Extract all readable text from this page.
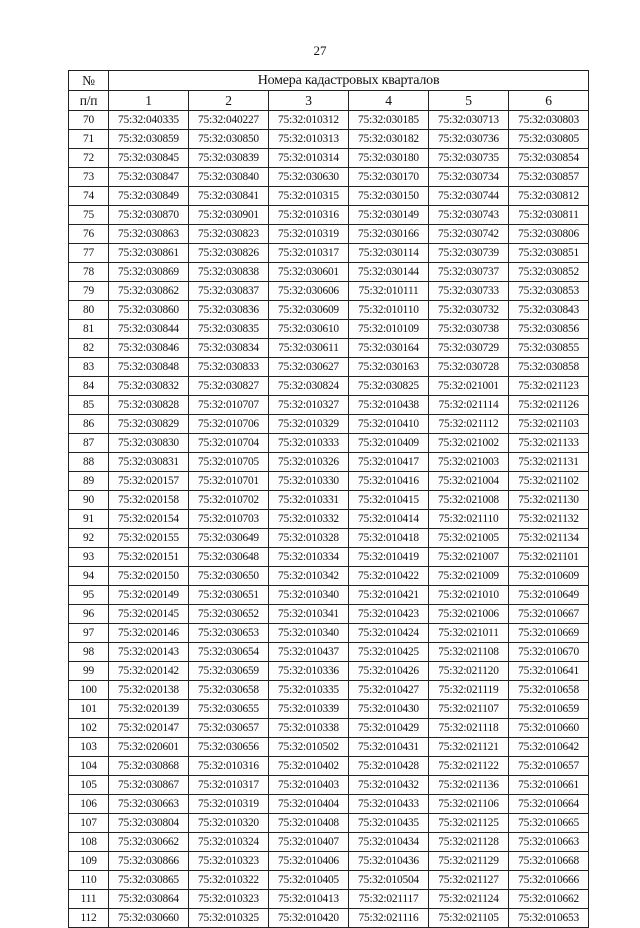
27
№	Номера кадастровых кварталов					
п/п	1	2	3	4	5	6
70	75:32:040335	75:32:040227	75:32:010312	75:32:030185	75:32:030713	75:32:030803
71	75:32:030859	75:32:030850	75:32:010313	75:32:030182	75:32:030736	75:32:030805
72	75:32:030845	75:32:030839	75:32:010314	75:32:030180	75:32:030735	75:32:030854
73	75:32:030847	75:32:030840	75:32:030630	75:32:030170	75:32:030734	75:32:030857
74	75:32:030849	75:32:030841	75:32:010315	75:32:030150	75:32:030744	75:32:030812
75	75:32:030870	75:32:030901	75:32:010316	75:32:030149	75:32:030743	75:32:030811
76	75:32:030863	75:32:030823	75:32:010319	75:32:030166	75:32:030742	75:32:030806
77	75:32:030861	75:32:030826	75:32:010317	75:32:030114	75:32:030739	75:32:030851
78	75:32:030869	75:32:030838	75:32:030601	75:32:030144	75:32:030737	75:32:030852
79	75:32:030862	75:32:030837	75:32:030606	75:32:010111	75:32:030733	75:32:030853
80	75:32:030860	75:32:030836	75:32:030609	75:32:010110	75:32:030732	75:32:030843
81	75:32:030844	75:32:030835	75:32:030610	75:32:010109	75:32:030738	75:32:030856
82	75:32:030846	75:32:030834	75:32:030611	75:32:030164	75:32:030729	75:32:030855
83	75:32:030848	75:32:030833	75:32:030627	75:32:030163	75:32:030728	75:32:030858
84	75:32:030832	75:32:030827	75:32:030824	75:32:030825	75:32:021001	75:32:021123
85	75:32:030828	75:32:010707	75:32:010327	75:32:010438	75:32:021114	75:32:021126
86	75:32:030829	75:32:010706	75:32:010329	75:32:010410	75:32:021112	75:32:021103
87	75:32:030830	75:32:010704	75:32:010333	75:32:010409	75:32:021002	75:32:021133
88	75:32:030831	75:32:010705	75:32:010326	75:32:010417	75:32:021003	75:32:021131
89	75:32:020157	75:32:010701	75:32:010330	75:32:010416	75:32:021004	75:32:021102
90	75:32:020158	75:32:010702	75:32:010331	75:32:010415	75:32:021008	75:32:021130
91	75:32:020154	75:32:010703	75:32:010332	75:32:010414	75:32:021110	75:32:021132
92	75:32:020155	75:32:030649	75:32:010328	75:32:010418	75:32:021005	75:32:021134
93	75:32:020151	75:32:030648	75:32:010334	75:32:010419	75:32:021007	75:32:021101
94	75:32:020150	75:32:030650	75:32:010342	75:32:010422	75:32:021009	75:32:010609
95	75:32:020149	75:32:030651	75:32:010340	75:32:010421	75:32:021010	75:32:010649
96	75:32:020145	75:32:030652	75:32:010341	75:32:010423	75:32:021006	75:32:010667
97	75:32:020146	75:32:030653	75:32:010340	75:32:010424	75:32:021011	75:32:010669
98	75:32:020143	75:32:030654	75:32:010437	75:32:010425	75:32:021108	75:32:010670
99	75:32:020142	75:32:030659	75:32:010336	75:32:010426	75:32:021120	75:32:010641
100	75:32:020138	75:32:030658	75:32:010335	75:32:010427	75:32:021119	75:32:010658
101	75:32:020139	75:32:030655	75:32:010339	75:32:010430	75:32:021107	75:32:010659
102	75:32:020147	75:32:030657	75:32:010338	75:32:010429	75:32:021118	75:32:010660
103	75:32:020601	75:32:030656	75:32:010502	75:32:010431	75:32:021121	75:32:010642
104	75:32:030868	75:32:010316	75:32:010402	75:32:010428	75:32:021122	75:32:010657
105	75:32:030867	75:32:010317	75:32:010403	75:32:010432	75:32:021136	75:32:010661
106	75:32:030663	75:32:010319	75:32:010404	75:32:010433	75:32:021106	75:32:010664
107	75:32:030804	75:32:010320	75:32:010408	75:32:010435	75:32:021125	75:32:010665
108	75:32:030662	75:32:010324	75:32:010407	75:32:010434	75:32:021128	75:32:010663
109	75:32:030866	75:32:010323	75:32:010406	75:32:010436	75:32:021129	75:32:010668
110	75:32:030865	75:32:010322	75:32:010405	75:32:010504	75:32:021127	75:32:010666
111	75:32:030864	75:32:010323	75:32:010413	75:32:021117	75:32:021124	75:32:010662
112	75:32:030660	75:32:010325	75:32:010420	75:32:021116	75:32:021105	75:32:010653
